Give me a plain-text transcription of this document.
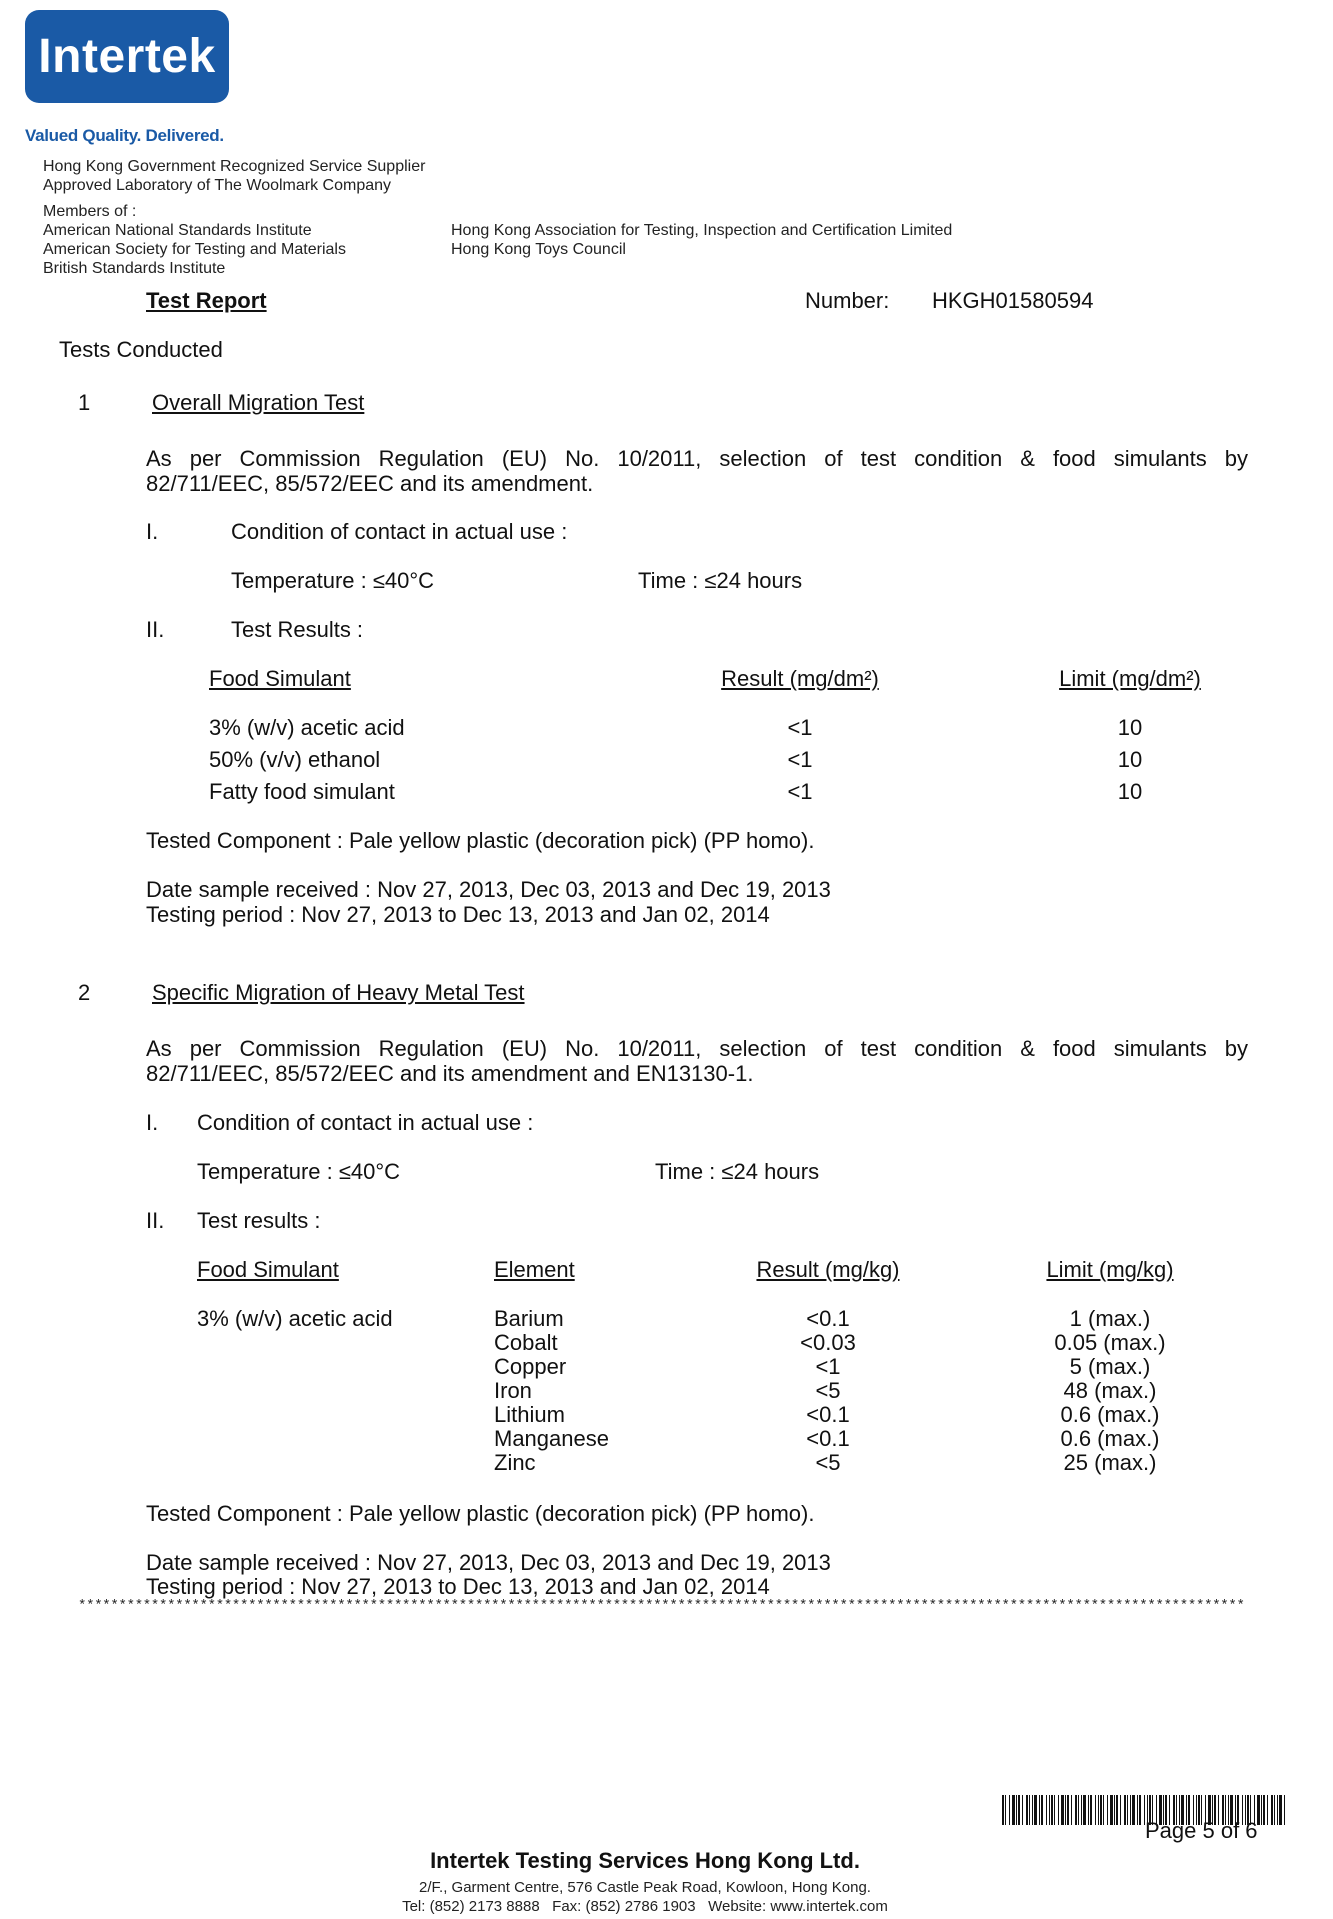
Intertek
Valued Quality. Delivered.
Hong Kong Government Recognized Service Supplier
Approved Laboratory of The Woolmark Company
Members of :
American National Standards Institute
American Society for Testing and Materials
British Standards Institute
Hong Kong Association for Testing, Inspection and Certification Limited
Hong Kong Toys Council
Test Report	Number: HKGH01580594
Tests Conducted
1	Overall Migration Test
As per Commission Regulation (EU) No. 10/2011, selection of test condition & food simulants by
82/711/EEC, 85/572/EEC and its amendment.
I.	Condition of contact in actual use :
Temperature : ≤40°C	Time : ≤24 hours
II.	Test Results :
Food Simulant	Result (mg/dm²)	Limit (mg/dm²)
3% (w/v) acetic acid	<1	10
50% (v/v) ethanol	<1	10
Fatty food simulant	<1	10
Tested Component : Pale yellow plastic (decoration pick) (PP homo).
Date sample received : Nov 27, 2013, Dec 03, 2013 and Dec 19, 2013
Testing period : Nov 27, 2013 to Dec 13, 2013 and Jan 02, 2014
2	Specific Migration of Heavy Metal Test
As per Commission Regulation (EU) No. 10/2011, selection of test condition & food simulants by
82/711/EEC, 85/572/EEC and its amendment and EN13130-1.
I. Condition of contact in actual use :
Temperature : ≤40°C	Time : ≤24 hours
II. Test results :
Food Simulant	Element	Result (mg/kg)	Limit (mg/kg)
3% (w/v) acetic acid	Barium	<0.1	1 (max.)
Cobalt	<0.03	0.05 (max.)
Copper	<1	5 (max.)
Iron	<5	48 (max.)
Lithium	<0.1	0.6 (max.)
Manganese	<0.1	0.6 (max.)
Zinc	<5	25 (max.)
Tested Component : Pale yellow plastic (decoration pick) (PP homo).
Date sample received : Nov 27, 2013, Dec 03, 2013 and Dec 19, 2013
Testing period : Nov 27, 2013 to Dec 13, 2013 and Jan 02, 2014
************************************************************************************************************************************************
Page 5 of 6
Intertek Testing Services Hong Kong Ltd.
2/F., Garment Centre, 576 Castle Peak Road, Kowloon, Hong Kong.
Tel: (852) 2173 8888   Fax: (852) 2786 1903   Website: www.intertek.com
